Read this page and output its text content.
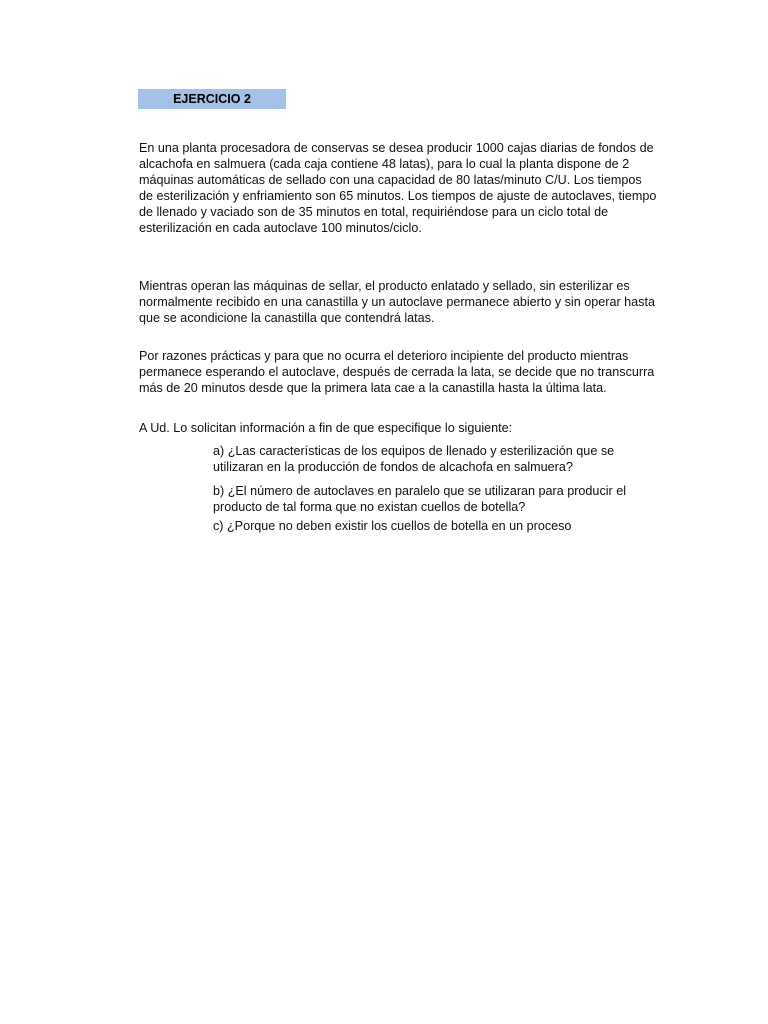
EJERCICIO 2

En una planta procesadora de conservas se desea producir 1000 cajas diarias de fondos de alcachofa en salmuera (cada caja contiene 48 latas), para lo cual la planta dispone de 2 máquinas automáticas de sellado con una capacidad de 80 latas/minuto C/U. Los tiempos de esterilización y enfriamiento son 65 minutos. Los tiempos de ajuste de autoclaves, tiempo de llenado y vaciado son de 35 minutos en total, requiriéndose para un ciclo total de esterilización en cada autoclave 100 minutos/ciclo.

Mientras operan las máquinas de sellar, el producto enlatado y sellado, sin esterilizar es normalmente recibido en una canastilla y un autoclave permanece abierto y sin operar hasta que se acondicione la canastilla que contendrá latas.

Por razones prácticas y para que no ocurra el deterioro incipiente del producto mientras permanece esperando el autoclave, después de cerrada la lata, se decide que no transcurra más de 20 minutos desde que la primera lata cae a la canastilla hasta la última lata.

A Ud. Lo solicitan información a fin de que especifique lo siguiente:

a) ¿Las características de los equipos de llenado y esterilización que se utilizaran en la producción de fondos de alcachofa en salmuera?

b) ¿El número de autoclaves en paralelo que se utilizaran para producir el producto de tal forma que no existan cuellos de botella?

c) ¿Porque no deben existir los cuellos de botella en un proceso
